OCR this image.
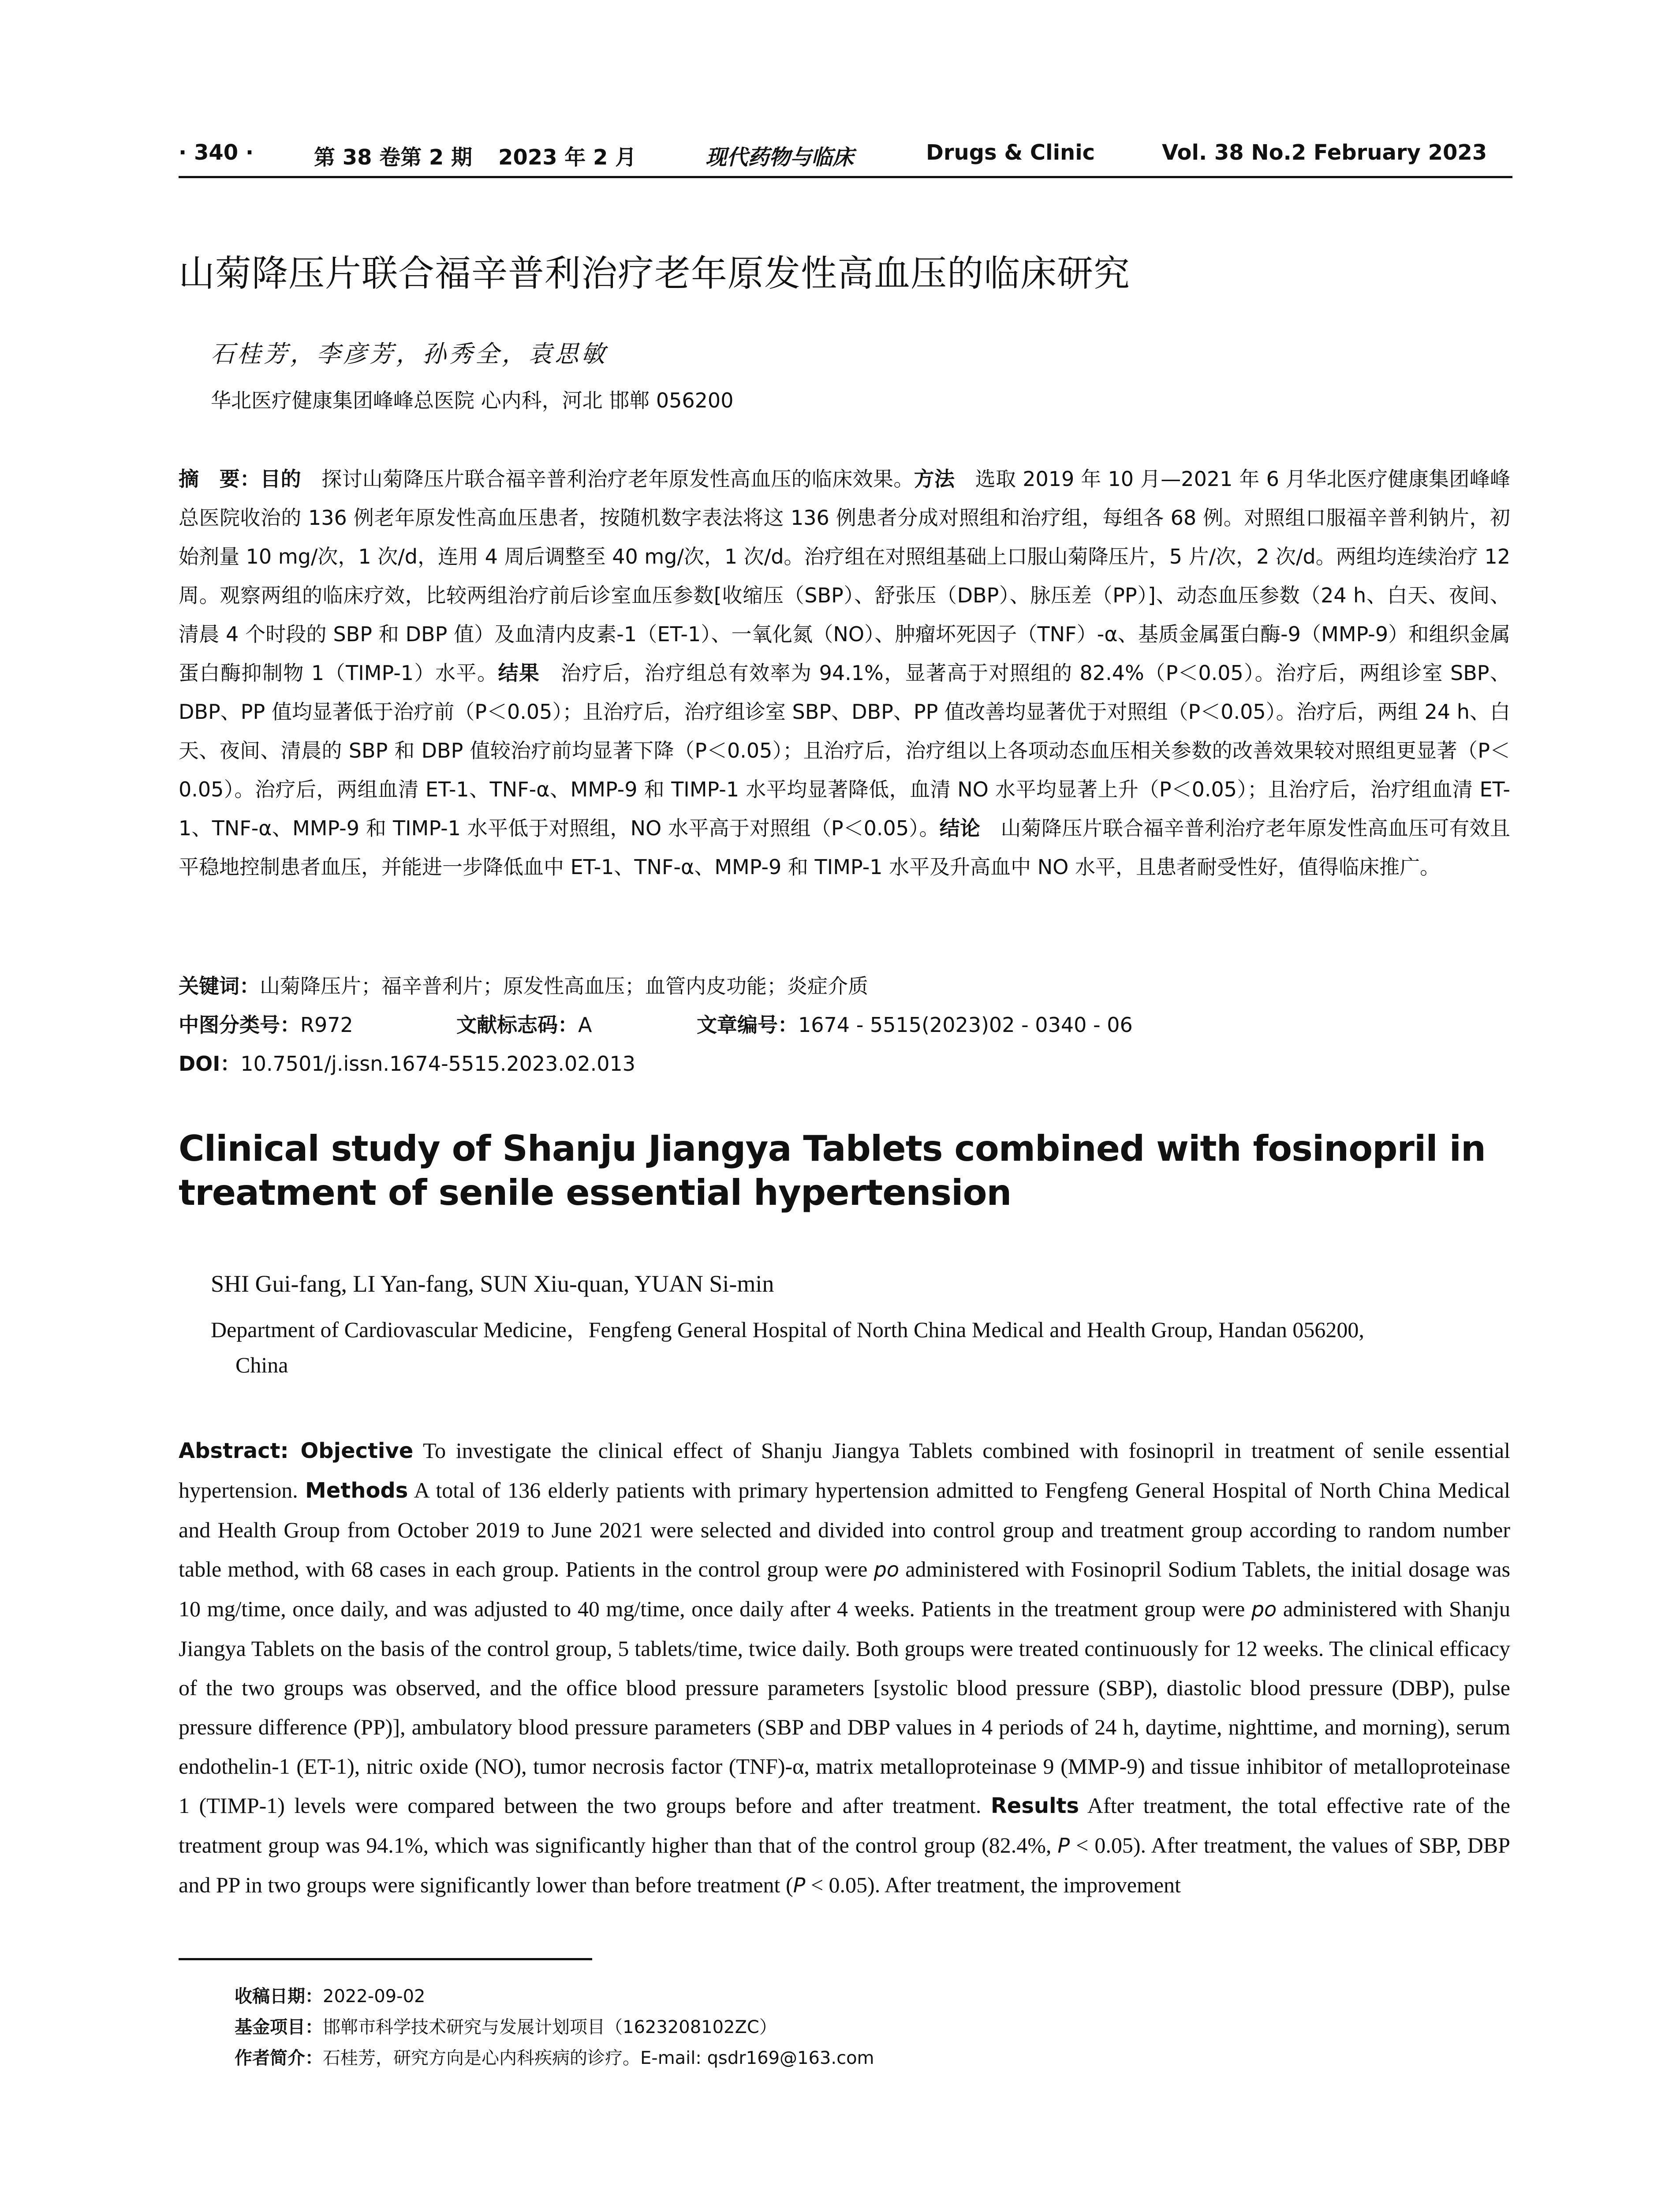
· 340 ·	第 38 卷第 2 期 2023 年 2 月	现代药物与临床	Drugs & Clinic	Vol. 38 No.2 February 2023
山菊降压片联合福辛普利治疗老年原发性高血压的临床研究
石桂芳，李彦芳，孙秀全，袁思敏
华北医疗健康集团峰峰总医院 心内科，河北 邯郸 056200
摘　要：目的　探讨山菊降压片联合福辛普利治疗老年原发性高血压的临床效果。方法　选取 2019 年 10 月—2021 年 6 月华北医疗健康集团峰峰总医院收治的 136 例老年原发性高血压患者，按随机数字表法将这 136 例患者分成对照组和治疗组，每组各 68 例。对照组口服福辛普利钠片，初始剂量 10 mg/次，1 次/d，连用 4 周后调整至 40 mg/次，1 次/d。治疗组在对照组基础上口服山菊降压片，5 片/次，2 次/d。两组均连续治疗 12 周。观察两组的临床疗效，比较两组治疗前后诊室血压参数[收缩压（SBP）、舒张压（DBP）、脉压差（PP）]、动态血压参数（24 h、白天、夜间、清晨 4 个时段的 SBP 和 DBP 值）及血清内皮素-1（ET-1）、一氧化氮（NO）、肿瘤坏死因子（TNF）-α、基质金属蛋白酶-9（MMP-9）和组织金属蛋白酶抑制物 1（TIMP-1）水平。结果　治疗后，治疗组总有效率为 94.1%，显著高于对照组的 82.4%（P＜0.05）。治疗后，两组诊室 SBP、DBP、PP 值均显著低于治疗前（P＜0.05）；且治疗后，治疗组诊室 SBP、DBP、PP 值改善均显著优于对照组（P＜0.05）。治疗后，两组 24 h、白天、夜间、清晨的 SBP 和 DBP 值较治疗前均显著下降（P＜0.05）；且治疗后，治疗组以上各项动态血压相关参数的改善效果较对照组更显著（P＜0.05）。治疗后，两组血清 ET-1、TNF-α、MMP-9 和 TIMP-1 水平均显著降低，血清 NO 水平均显著上升（P＜0.05）；且治疗后，治疗组血清 ET-1、TNF-α、MMP-9 和 TIMP-1 水平低于对照组，NO 水平高于对照组（P＜0.05）。结论　山菊降压片联合福辛普利治疗老年原发性高血压可有效且平稳地控制患者血压，并能进一步降低血中 ET-1、TNF-α、MMP-9 和 TIMP-1 水平及升高血中 NO 水平，且患者耐受性好，值得临床推广。
关键词：山菊降压片；福辛普利片；原发性高血压；血管内皮功能；炎症介质
中图分类号：R972	文献标志码：A	文章编号：1674 - 5515(2023)02 - 0340 - 06
DOI：10.7501/j.issn.1674-5515.2023.02.013
Clinical study of Shanju Jiangya Tablets combined with fosinopril in treatment of senile essential hypertension
SHI Gui-fang, LI Yan-fang, SUN Xiu-quan, YUAN Si-min
Department of Cardiovascular Medicine，Fengfeng General Hospital of North China Medical and Health Group, Handan 056200,
China
Abstract: Objective To investigate the clinical effect of Shanju Jiangya Tablets combined with fosinopril in treatment of senile essential hypertension. Methods A total of 136 elderly patients with primary hypertension admitted to Fengfeng General Hospital of North China Medical and Health Group from October 2019 to June 2021 were selected and divided into control group and treatment group according to random number table method, with 68 cases in each group. Patients in the control group were po administered with Fosinopril Sodium Tablets, the initial dosage was 10 mg/time, once daily, and was adjusted to 40 mg/time, once daily after 4 weeks. Patients in the treatment group were po administered with Shanju Jiangya Tablets on the basis of the control group, 5 tablets/time, twice daily. Both groups were treated continuously for 12 weeks. The clinical efficacy of the two groups was observed, and the office blood pressure parameters [systolic blood pressure (SBP), diastolic blood pressure (DBP), pulse pressure difference (PP)], ambulatory blood pressure parameters (SBP and DBP values in 4 periods of 24 h, daytime, nighttime, and morning), serum endothelin-1 (ET-1), nitric oxide (NO), tumor necrosis factor (TNF)-α, matrix metalloproteinase 9 (MMP-9) and tissue inhibitor of metalloproteinase 1 (TIMP-1) levels were compared between the two groups before and after treatment. Results After treatment, the total effective rate of the treatment group was 94.1%, which was significantly higher than that of the control group (82.4%, P < 0.05). After treatment, the values of SBP, DBP and PP in two groups were significantly lower than before treatment (P < 0.05). After treatment, the improvement
收稿日期：2022-09-02
基金项目：邯郸市科学技术研究与发展计划项目（1623208102ZC）
作者简介：石桂芳，研究方向是心内科疾病的诊疗。E-mail: qsdr169@163.com
